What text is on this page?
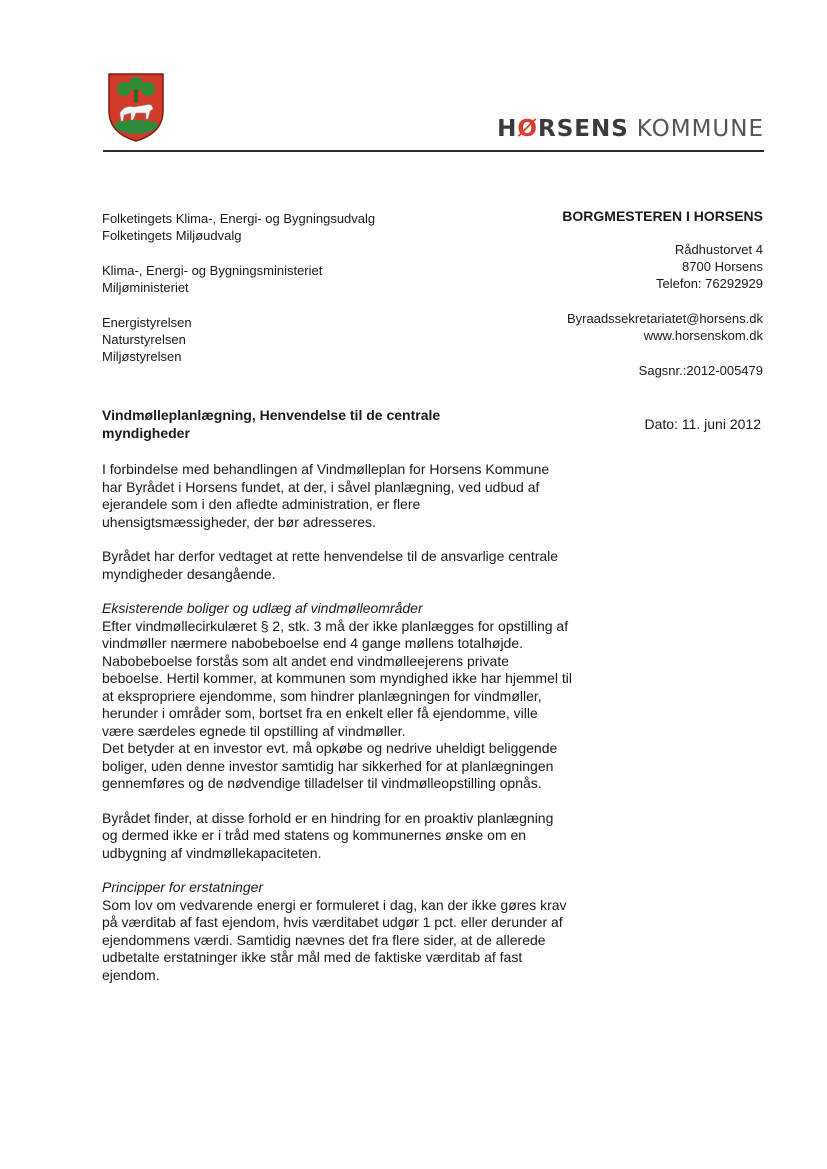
HØRSENS KOMMUNE
Folketingets Klima-, Energi- og Bygningsudvalg
Folketingets Miljøudvalg
Klima-, Energi- og Bygningsministeriet
Miljøministeriet
Energistyrelsen
Naturstyrelsen
Miljøstyrelsen
BORGMESTEREN I HORSENS
Rådhustorvet 4
8700 Horsens
Telefon: 76292929
Byraadssekretariatet@horsens.dk
www.horsenskom.dk
Sagsnr.:2012-005479
Dato: 11. juni 2012
Vindmølleplanlægning, Henvendelse til de centrale myndigheder

I forbindelse med behandlingen af Vindmølleplan for Horsens Kommune har Byrådet i Horsens fundet, at der, i såvel planlægning, ved udbud af ejerandele som i den afledte administration, er flere uhensigtsmæssigheder, der bør adresseres.

Byrådet har derfor vedtaget at rette henvendelse til de ansvarlige centrale myndigheder desangående.

Eksisterende boliger og udlæg af vindmølleområder

Efter vindmøllecirkulæret § 2, stk. 3 må der ikke planlægges for opstilling af vindmøller nærmere nabobeboelse end 4 gange møllens totalhøjde. Nabobeboelse forstås som alt andet end vindmølleejerens private beboelse. Hertil kommer, at kommunen som myndighed ikke har hjemmel til at ekspropriere ejendomme, som hindrer planlægningen for vindmøller, herunder i områder som, bortset fra en enkelt eller få ejendomme, ville være særdeles egnede til opstilling af vindmøller.

Det betyder at en investor evt. må opkøbe og nedrive uheldigt beliggende boliger, uden denne investor samtidig har sikkerhed for at planlægningen gennemføres og de nødvendige tilladelser til vindmølleopstilling opnås.

Byrådet finder, at disse forhold er en hindring for en proaktiv planlægning og dermed ikke er i tråd med statens og kommunernes ønske om en udbygning af vindmøllekapaciteten.

Principper for erstatninger

Som lov om vedvarende energi er formuleret i dag, kan der ikke gøres krav på værditab af fast ejendom, hvis værditabet udgør 1 pct. eller derunder af ejendommens værdi. Samtidig nævnes det fra flere sider, at de allerede udbetalte erstatninger ikke står mål med de faktiske værditab af fast ejendom.
